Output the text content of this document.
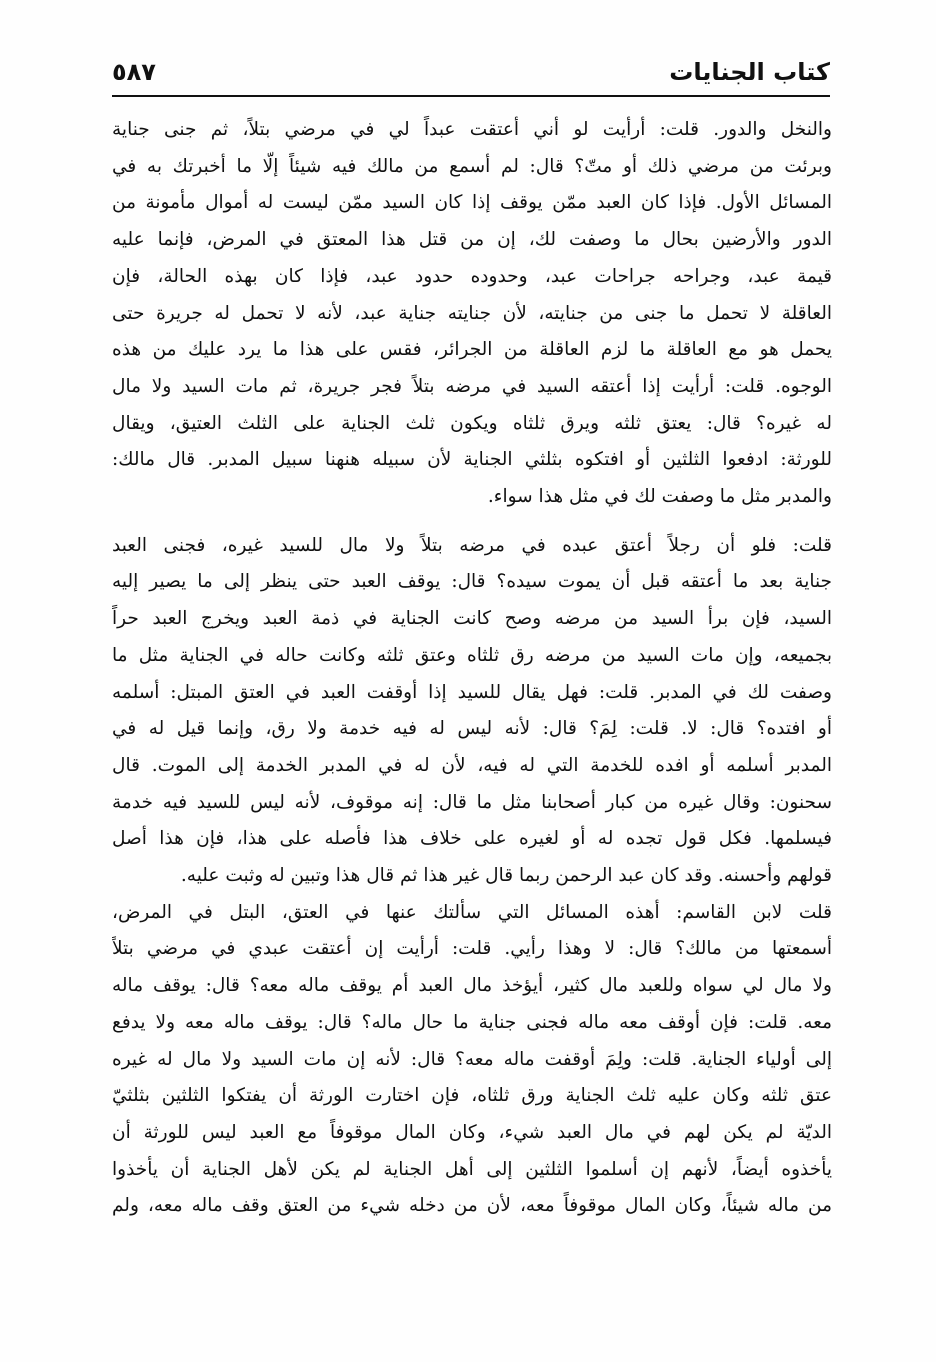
٥٨٧	كتاب الجنايات

والنخل والدور. قلت: أرأيت لو أني أعتقت عبداً لي في مرضي بتلاً، ثم جنى جناية
وبرئت من مرضي ذلك أو متّ؟ قال: لم أسمع من مالك فيه شيئاً إلّا ما أخبرتك به في
المسائل الأول. فإذا كان العبد ممّن يوقف إذا كان السيد ممّن ليست له أموال مأمونة من
الدور والأرضين بحال ما وصفت لك، إن من قتل هذا المعتق في المرض، فإنما عليه
قيمة عبد، وجراحه جراحات عبد، وحدوده حدود عبد، فإذا كان بهذه الحالة، فإن
العاقلة لا تحمل ما جنى من جنايته، لأن جنايته جناية عبد، لأنه لا تحمل له جريرة حتى
يحمل هو مع العاقلة ما لزم العاقلة من الجرائر، فقس على هذا ما يرد عليك من هذه
الوجوه. قلت: أرأيت إذا أعتقه السيد في مرضه بتلاً فجر جريرة، ثم مات السيد ولا مال
له غيره؟ قال: يعتق ثلثه ويرق ثلثاه ويكون ثلث الجناية على الثلث العتيق، ويقال
للورثة: ادفعوا الثلثين أو افتكوه بثلثي الجناية لأن سبيله هنهنا سبيل المدبر. قال مالك:
والمدبر مثل ما وصفت لك في مثل هذا سواء.

قلت: فلو أن رجلاً أعتق عبده في مرضه بتلاً ولا مال للسيد غيره، فجنى العبد
جناية بعد ما أعتقه قبل أن يموت سيده؟ قال: يوقف العبد حتى ينظر إلى ما يصير إليه
السيد، فإن برأ السيد من مرضه وصح كانت الجناية في ذمة العبد ويخرج العبد حراً
بجميعه، وإن مات السيد من مرضه رق ثلثاه وعتق ثلثه وكانت حاله في الجناية مثل ما
وصفت لك في المدبر. قلت: فهل يقال للسيد إذا أوقفت العبد في العتق المبتل: أسلمه
أو افتده؟ قال: لا. قلت: لِمَ؟ قال: لأنه ليس له فيه خدمة ولا رق، وإنما قيل له في
المدبر أسلمه أو افده للخدمة التي له فيه، لأن له في المدبر الخدمة إلى الموت. قال
سحنون: وقال غيره من كبار أصحابنا مثل ما قال: إنه موقوف، لأنه ليس للسيد فيه خدمة
فيسلمها. فكل قول تجده له أو لغيره على خلاف هذا فأصله على هذا، فإن هذا أصل
قولهم وأحسنه. وقد كان عبد الرحمن ربما قال غير هذا ثم قال هذا وتبين له وثبت عليه.

قلت لابن القاسم: أهذه المسائل التي سألتك عنها في العتق، البتل في المرض،
أسمعتها من مالك؟ قال: لا وهذا رأيي. قلت: أرأيت إن أعتقت عبدي في مرضي بتلاً
ولا مال لي سواه وللعبد مال كثير، أيؤخذ مال العبد أم يوقف ماله معه؟ قال: يوقف ماله
معه. قلت: فإن أوقف معه ماله فجنى جناية ما حال ماله؟ قال: يوقف ماله معه ولا يدفع
إلى أولياء الجناية. قلت: ولِمَ أوقفت ماله معه؟ قال: لأنه إن مات السيد ولا مال له غيره
عتق ثلثه وكان عليه ثلث الجناية ورق ثلثاه، فإن اختارت الورثة أن يفتكوا الثلثين بثلثيّ
الديّة لم يكن لهم في مال العبد شيء، وكان المال موقوفاً مع العبد ليس للورثة أن
يأخذوه أيضاً، لأنهم إن أسلموا الثلثين إلى أهل الجناية لم يكن لأهل الجناية أن يأخذوا
من ماله شيئاً، وكان المال موقوفاً معه، لأن من دخله شيء من العتق وقف ماله معه، ولم
